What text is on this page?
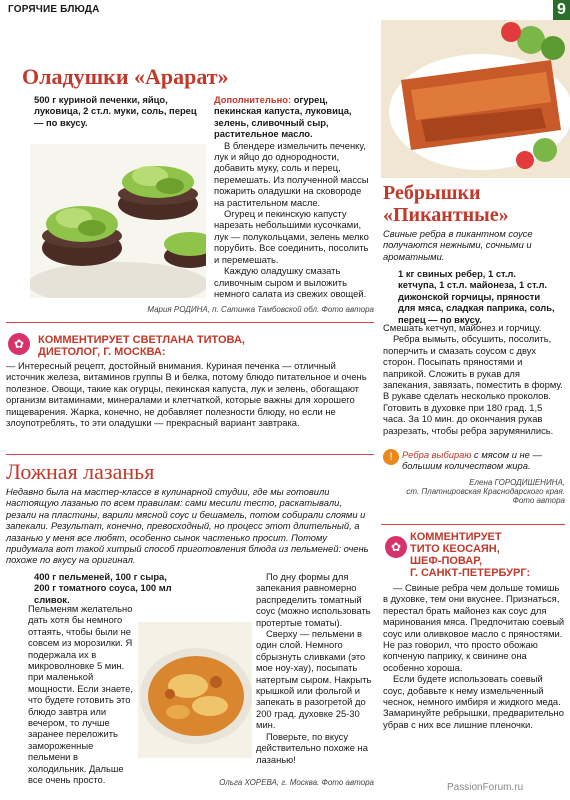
ГОРЯЧИЕ БЛЮДА	9
Оладушки «Арарат»

500 г куриной печенки, яйцо, луковица, 2 ст.л. муки, соль, перец — по вкусу.

Дополнительно: огурец, пекинская капуста, луковица, зелень, сливочный сыр, растительное масло.

В блендере измельчить печенку, лук и яйцо до однородности, добавить муку, соль и перец, перемешать. Из полученной массы пожарить оладушки на сковороде на растительном масле.

Огурец и пекинскую капусту нарезать небольшими кусочками, лук — полукольцами, зелень мелко порубить. Все соединить, посолить и перемешать.

Каждую оладушку смазать сливочным сыром и выложить немного салата из свежих овощей.

Мария РОДИНА, п. Сатинка Тамбовской обл. Фото автора
✿	КОММЕНТИРУЕТ СВЕТЛАНА ТИТОВА,
ДИЕТОЛОГ, Г. МОСКВА:
— Интересный рецепт, достойный внимания. Куриная печенка — отличный источник железа, витаминов группы В и белка, потому блюдо питательное и очень полезное. Овощи, такие как огурцы, пекинская капуста, лук и зелень, обогащают организм витаминами, минералами и клетчаткой, которые важны для хорошего пищеварения. Жарка, конечно, не добавляет полезности блюду, но если не злоупотреблять, то эти оладушки — прекрасный вариант завтрака.
Ложная лазанья
Недавно была на мастер-классе в кулинарной студии, где мы готовили настоящую лазанью по всем правилам: сами месили тесто, раскатывали, резали на пластины, варили мясной соус и бешамель, потом собирали слоями и запекали. Результат, конечно, превосходный, но процесс этот длительный, а лазанью у меня все любят, особенно сынок частенько просит. Потому придумала вот такой хитрый способ приготовления блюда из пельменей: очень похоже по вкусу на оригинал.
400 г пельменей, 100 г сыра, 200 г томатного соуса, 100 мл сливок.
Пельменям желательно дать хотя бы немного оттаять, чтобы были не совсем из морозилки. Я подержала их в микроволновке 5 мин. при маленькой мощности. Если знаете, что будете готовить это блюдо завтра или вечером, то лучше заранее переложить замороженные пельмени в холодильник. Дальше все очень просто.
По дну формы для запекания равномерно распределить томатный соус (можно использовать протертые томаты).
Сверху — пельмени в один слой. Немного сбрызнуть сливками (это мое ноу-хау), посыпать натертым сыром. Накрыть крышкой или фольгой и запекать в разогретой до 200 град. духовке 25-30 мин.
Поверьте, по вкусу действительно похоже на лазанью!
Ольга ХОРЕВА, г. Москва. Фото автора
Ребрышки
«Пикантные»
Свиные ребра в пикантном соусе получаются нежными, сочными и ароматными.
1 кг свиных ребер, 1 ст.л. кетчупа, 1 ст.л. майонеза, 1 ст.л. дижонской горчицы, пряности для мяса, сладкая паприка, соль, перец — по вкусу.

Смешать кетчуп, майонез и горчицу.

Ребра вымыть, обсушить, посолить, поперчить и смазать соусом с двух сторон. Посыпать пряностями и паприкой. Сложить в рукав для запекания, завязать, поместить в форму. В рукаве сделать несколько проколов. Готовить в духовке при 180 град. 1,5 часа. За 10 мин. до окончания рукав разрезать, чтобы ребра зарумянились.

!	Ребра выбираю с мясом и не — большим количеством жира.
Елена ГОРОДИШЕНИНА,
ст. Платнировская Краснодарского края.
Фото автора
✿
КОММЕНТИРУЕТ
ТИТО КЕОСАЯН,
ШЕФ-ПОВАР,
Г. САНКТ-ПЕТЕРБУРГ:
— Свиные ребра чем дольше томишь в духовке, тем они вкуснее. Признаться, перестал брать майонез как соус для маринования мяса. Предпочитаю соевый соус или оливковое масло с пряностями. Не раз говорил, что просто обожаю копченую паприку, к свинине она особенно хороша.
Если будете использовать соевый соус, добавьте к нему измельченный чеснок, немного имбиря и жидкого меда. Замаринуйте ребрышки, предварительно убрав с них все лишние пленочки.
PassionForum.ru
